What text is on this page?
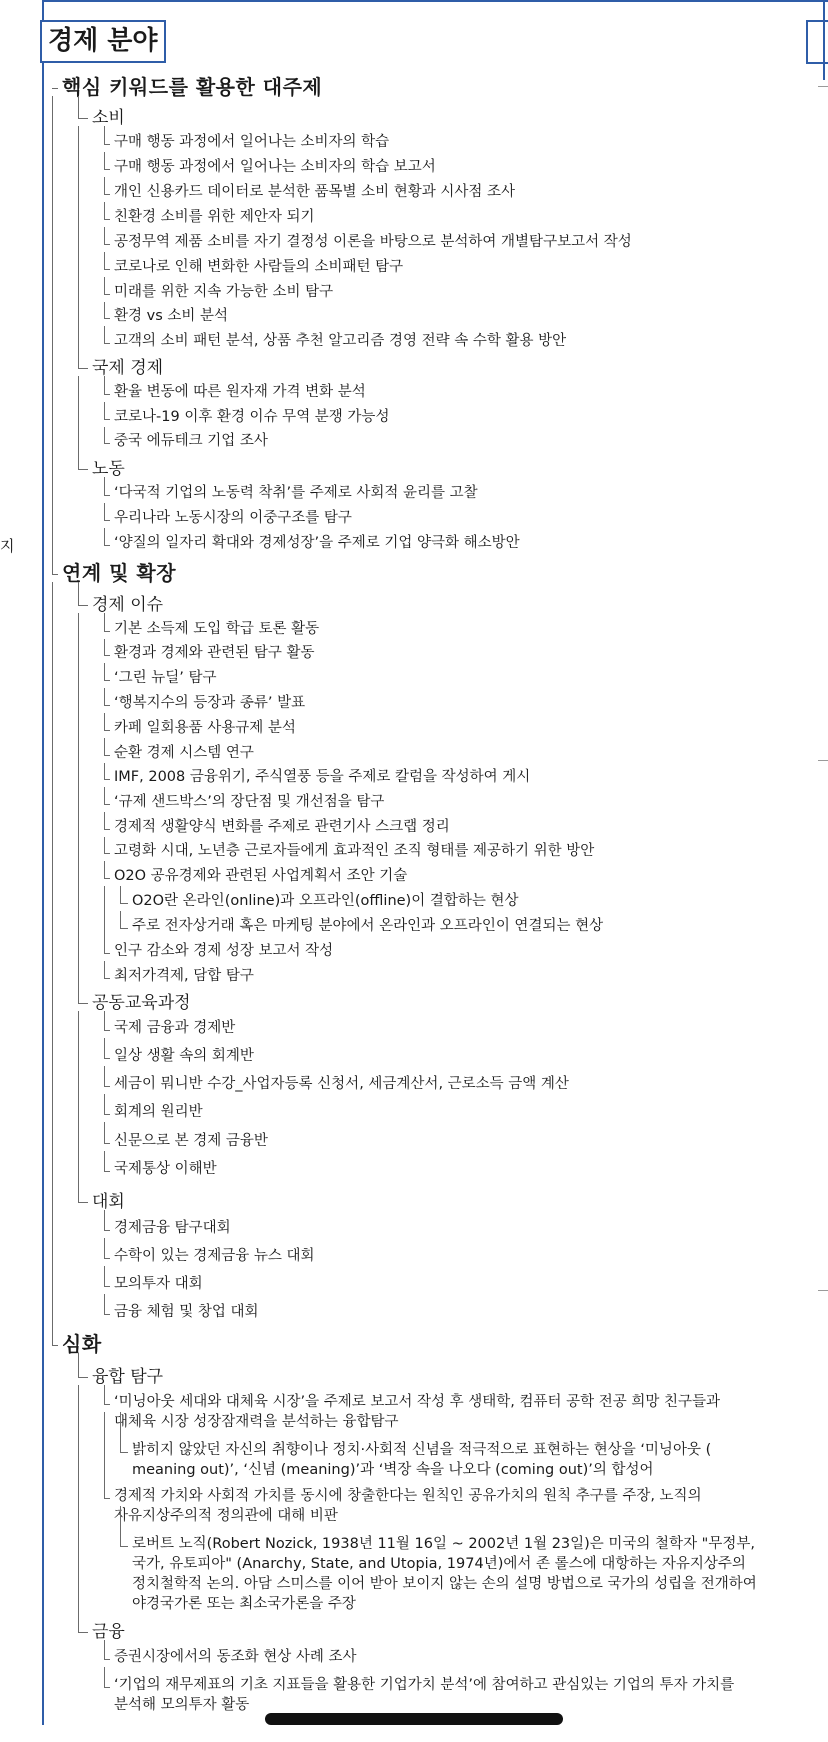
경제 분야
지
핵심 키워드를 활용한 대주제
소비
구매 행동 과정에서 일어나는 소비자의 학습
구매 행동 과정에서 일어나는 소비자의 학습 보고서
개인 신용카드 데이터로 분석한 품목별 소비 현황과 시사점 조사
친환경 소비를 위한 제안자 되기
공정무역 제품 소비를 자기 결정성 이론을 바탕으로 분석하여 개별탐구보고서 작성
코로나로 인해 변화한 사람들의 소비패턴 탐구
미래를 위한 지속 가능한 소비 탐구
환경 vs 소비 분석
고객의 소비 패턴 분석, 상품 추천 알고리즘 경영 전략 속 수학 활용 방안
국제 경제
환율 변동에 따른 원자재 가격 변화 분석
코로나-19 이후 환경 이슈 무역 분쟁 가능성
중국 에듀테크 기업 조사
노동
‘다국적 기업의 노동력 착취’를 주제로 사회적 윤리를 고찰
우리나라 노동시장의 이중구조를 탐구
‘양질의 일자리 확대와 경제성장’을 주제로 기업 양극화 해소방안
연계 및 확장
경제 이슈
기본 소득제 도입 학급 토론 활동
환경과 경제와 관련된 탐구 활동
‘그린 뉴딜’ 탐구
‘행복지수의 등장과 종류’ 발표
카페 일회용품 사용규제 분석
순환 경제 시스템 연구
IMF, 2008 금융위기, 주식열풍 등을 주제로 칼럼을 작성하여 게시
‘규제 샌드박스’의 장단점 및 개선점을 탐구
경제적 생활양식 변화를 주제로 관련기사 스크랩 정리
고령화 시대, 노년층 근로자들에게 효과적인 조직 형태를 제공하기 위한 방안
O2O 공유경제와 관련된 사업계획서 조안 기술
O2O란 온라인(online)과 오프라인(offline)이 결합하는 현상
주로 전자상거래 혹은 마케팅 분야에서 온라인과 오프라인이 연결되는 현상
인구 감소와 경제 성장 보고서 작성
최저가격제, 담합 탐구
공동교육과정
국제 금융과 경제반
일상 생활 속의 회계반
세금이 뭐니반 수강_사업자등록 신청서, 세금계산서, 근로소득 금액 계산
회계의 원리반
신문으로 본 경제 금융반
국제통상 이해반
대회
경제금융 탐구대회
수학이 있는 경제금융 뉴스 대회
모의투자 대회
금융 체험 및 창업 대회
심화
융합 탐구
‘미닝아웃 세대와 대체육 시장’을 주제로 보고서 작성 후 생태학, 컴퓨터 공학 전공 희망 친구들과
대체육 시장 성장잠재력을 분석하는 융합탐구
밝히지 않았던 자신의 취향이나 정치·사회적 신념을 적극적으로 표현하는 현상을 ‘미닝아웃 (
meaning out)’, ‘신념 (meaning)’과 ‘벽장 속을 나오다 (coming out)’의 합성어
경제적 가치와 사회적 가치를 동시에 창출한다는 원칙인 공유가치의 원칙 추구를 주장, 노직의
자유지상주의적 정의관에 대해 비판
로버트 노직(Robert Nozick, 1938년 11월 16일 ~ 2002년 1월 23일)은 미국의 철학자 "무정부,
국가, 유토피아" (Anarchy, State, and Utopia, 1974년)에서 존 롤스에 대항하는 자유지상주의
정치철학적 논의. 아담 스미스를 이어 받아 보이지 않는 손의 설명 방법으로 국가의 성립을 전개하여
야경국가론 또는 최소국가론을 주장
금융
증권시장에서의 동조화 현상 사례 조사
‘기업의 재무제표의 기초 지표들을 활용한 기업가치 분석’에 참여하고 관심있는 기업의 투자 가치를
분석해 모의투자 활동
